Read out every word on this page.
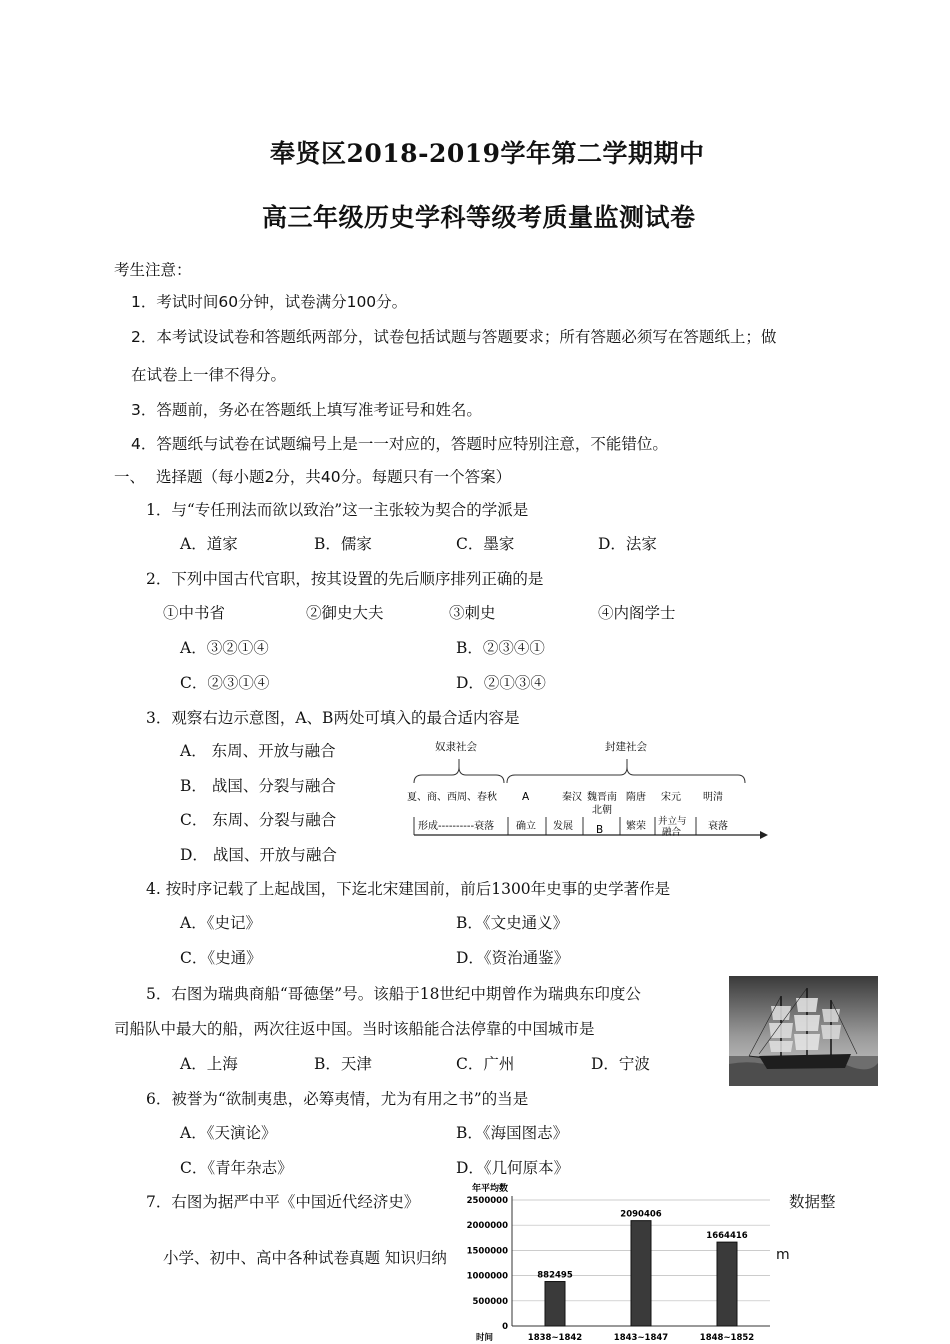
奉贤区2018-2019学年第二学期期中
高三年级历史学科等级考质量监测试卷
考生注意：
1．考试时间60分钟，试卷满分100分。
2．本考试设试卷和答题纸两部分，试卷包括试题与答题要求；所有答题必须写在答题纸上；做
在试卷上一律不得分。
3．答题前，务必在答题纸上填写准考证号和姓名。
4．答题纸与试卷在试题编号上是一一对应的，答题时应特别注意，不能错位。
一、 选择题（每小题2分，共40分。每题只有一个答案）
1．与“专任刑法而欲以致治”这一主张较为契合的学派是
A．道家	B．儒家	C．墨家	D．法家
2．下列中国古代官职，按其设置的先后顺序排列正确的是
①中书省	②御史大夫	③刺史	④内阁学士
A．③②①④	B．②③④①
C．②③①④	D．②①③④
3．观察右边示意图，A、B两处可填入的最合适内容是
A． 东周、开放与融合
B． 战国、分裂与融合
C． 东周、分裂与融合
D． 战国、开放与融合
奴隶社会	封建社会
夏、商、西周、春秋 A	秦汉 魏晋南
北朝
隋唐 宋元 明清
形成----------衰落 确立 发展 B 繁荣 并立与
融合
衰落
4. 按时序记载了上起战国，下迄北宋建国前，前后1300年史事的史学著作是
A．《史记》	B．《文史通义》
C．《史通》	D．《资治通鉴》
5．右图为瑞典商船“哥德堡”号。该船于18世纪中期曾作为瑞典东印度公
司船队中最大的船，两次往返中国。当时该船能合法停靠的中国城市是
A．上海	B．天津	C．广州	D．宁波
6．被誉为“欲制夷患，必筹夷情，尤为有用之书”的当是
A．《天演论》	B．《海国图志》
C．《青年杂志》	D．《几何原本》
7．右图为据严中平《中国近代经济史》	数据整
小学、初中、高中各种试卷真题 知识归纳	m
年平均数
时间
0
500000
1000000
1500000
2000000
2500000
882495
2090406
1664416
1838~1842	1843~1847	1848~1852
